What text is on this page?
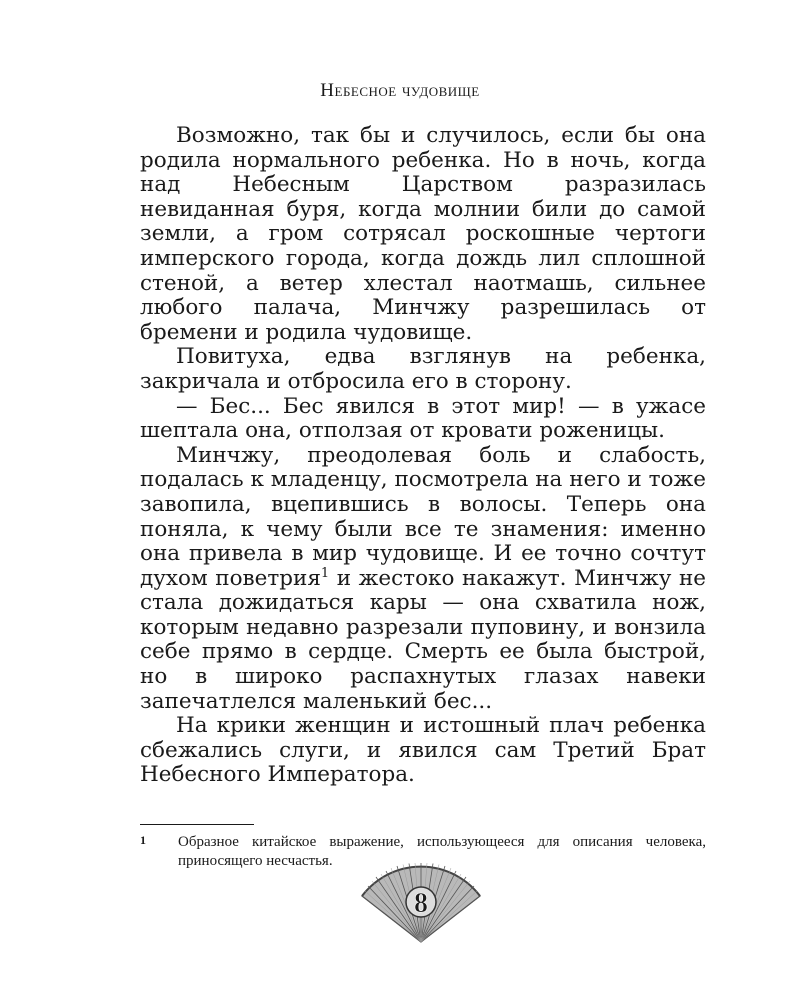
Небесное чудовище

Возможно, так бы и случилось, если бы она родила нормального ребенка. Но в ночь, когда над Небесным Царством разразилась невиданная буря, когда молнии били до самой земли, а гром сотрясал роскошные чертоги имперского города, когда дождь лил сплошной стеной, а ветер хлестал наотмашь, сильнее любого палача, Минчжу разрешилась от бремени и родила чудовище.

Повитуха, едва взглянув на ребенка, закричала и отбросила его в сторону.

— Бес... Бес явился в этот мир! — в ужасе шептала она, отползая от кровати роженицы.

Минчжу, преодолевая боль и слабость, подалась к младенцу, посмотрела на него и тоже завопила, вцепившись в волосы. Теперь она поняла, к чему были все те знамения: именно она привела в мир чудовище. И ее точно сочтут духом поветрия$^1$ и жестоко накажут. Минчжу не стала дожидаться кары — она схватила нож, которым недавно разрезали пуповину, и вонзила себе прямо в сердце. Смерть ее была быстрой, но в широко распахнутых глазах навеки запечатлелся маленький бес...

На крики женщин и истошный плач ребенка сбежались слуги, и явился сам Третий Брат Небесного Императора.

1	Образное китайское выражение, использующееся для описания человека, приносящего несчастья.
8
